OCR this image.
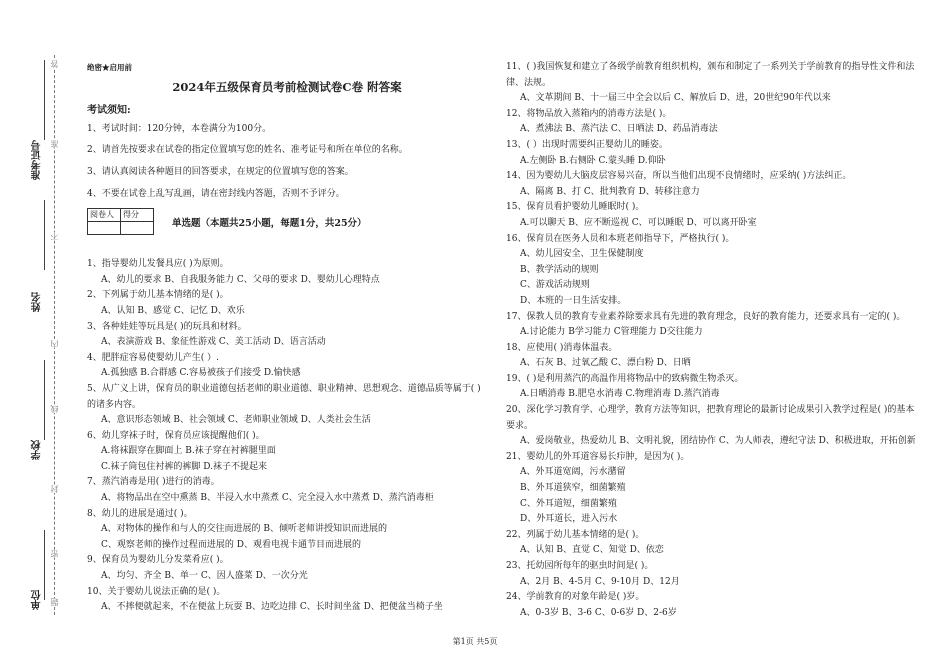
准考证号
姓名
学校
单位
答
准
不
内
线
封
密
题
绝密★启用前
2024年五级保育员考前检测试卷C卷 附答案
考试须知:
1、考试时间：120分钟，本卷满分为100分。
2、请首先按要求在试卷的指定位置填写您的姓名、准考证号和所在单位的名称。
3、请认真阅读各种题目的回答要求，在规定的位置填写您的答案。
4、不要在试卷上乱写乱画，请在密封线内答题，否则不予评分。
阅卷人	得分

单选题（本题共25小题，每题1分，共25分）
1、指导婴幼儿发餐具应( )为原则。
A、幼儿的要求 B、自我服务能力 C、父母的要求 D、婴幼儿心理特点
2、下列属于幼儿基本情绪的是( )。
A、认知 B、感觉 C、记忆 D、欢乐
3、各种娃娃等玩具是( )的玩具和材料。
A、表演游戏 B、象征性游戏 C、美工活动 D、语言活动
4、肥胖症容易使婴幼儿产生( ）.
A.孤独感 B.合群感 C.容易被孩子们接受 D.愉快感
5、从广义上讲，保育员的职业道德包括老师的职业道德、职业精神、思想观念、道德品质等属于( )的诸多内容。
A、意识形态领域 B、社会领域 C、老师职业领域 D、人类社会生活
6、幼儿穿袜子时，保育员应该提醒他们( )。
A.将袜跟穿在脚面上 B.袜子穿在衬裤腿里面
C.袜子筒包住衬裤的裤脚 D.袜子不提起来
7、蒸汽消毒是用( )进行的消毒。
A、将物品出在空中熏蒸 B、半浸入水中蒸煮 C、完全浸入水中蒸煮 D、蒸汽消毒柜
8、幼儿的进展是通过( )。
A、对物体的操作和与人的交往而进展的 B、倾听老师讲授知识而进展的
C、观察老师的操作过程而进展的 D、观看电视卡通节目而进展的
9、保育员为婴幼儿分发菜肴应( )。
A、均匀、齐全 B、单一 C、因人盛菜 D、一次分光
10、关于婴幼儿说法正确的是( )。
A、不摔便就起来，不在便盆上玩耍 B、边吃边排 C、长时间坐盆 D、把便盆当椅子坐
11、( )我国恢复和建立了各级学前教育组织机构，颁布和制定了一系列关于学前教育的指导性文件和法律、法规。
A、文革期间 B、十一届三中全会以后 C、解放后 D、进，20世纪90年代以来
12、将物品放入蒸箱内的消毒方法是( )。
A、煮沸法 B、蒸汽法 C、日晒法 D、药品消毒法
13、( ）出现时需要纠正婴幼儿的睡姿。
A.左侧卧 B.右侧卧 C.蒙头睡 D.仰卧
14、因为婴幼儿大脑皮层容易兴奋，所以当他们出现不良情绪时，应采纳( )方法纠正。
A、隔离 B、打 C、批判教育 D、转移注意力
15、保育员看护婴幼儿睡眠时( )。
A.可以聊天 B、应不断巡视 C、可以睡眠 D、可以离开卧室
16、保育员在医务人员和本班老师指导下，严格执行( )。
A、幼儿园安全、卫生保健制度
B、教学活动的规则
C、游戏活动规则
D、本班的一日生活安排。
17、保教人员的教育专业素养除要求具有先进的教育理念，良好的教育能力，还要求具有一定的( )。
A.讨论能力 B学习能力 C管理能力 D交往能力
18、应使用( )消毒体温表。
A、石灰 B、过氧乙酸 C、漂白粉 D、日晒
19、( )是利用蒸汽的高温作用将物品中的致病微生物杀灭。
A.日晒消毒 B.肥皂水消毒 C.物理消毒 D.蒸汽消毒
20、深化学习教育学、心理学，教育方法等知识，把教育理论的最新讨论成果引入教学过程是( )的基本要求。
A、爱岗敬业，热爱幼儿 B、文明礼貌，团结协作 C、为人师表，遵纪守法 D、积极进取，开拓创新
21、婴幼儿的外耳道容易长疖肿，是因为( )。
A、外耳道宽阔，污水潴留
B、外耳道狭窄，细菌繁殖
C、外耳道短，细菌繁殖
D、外耳道长，进入污水
22、列属于幼儿基本情绪的是( )。
A、认知 B、直觉 C、知觉 D、依恋
23、托幼园所每年的驱虫时间是( )。
A、2月 B、4-5月 C、9-10月 D、12月
24、学前教育的对象年龄是( )岁。
A、0-3岁 B、3-6 C、0-6岁 D、2-6岁
第1页 共5页
